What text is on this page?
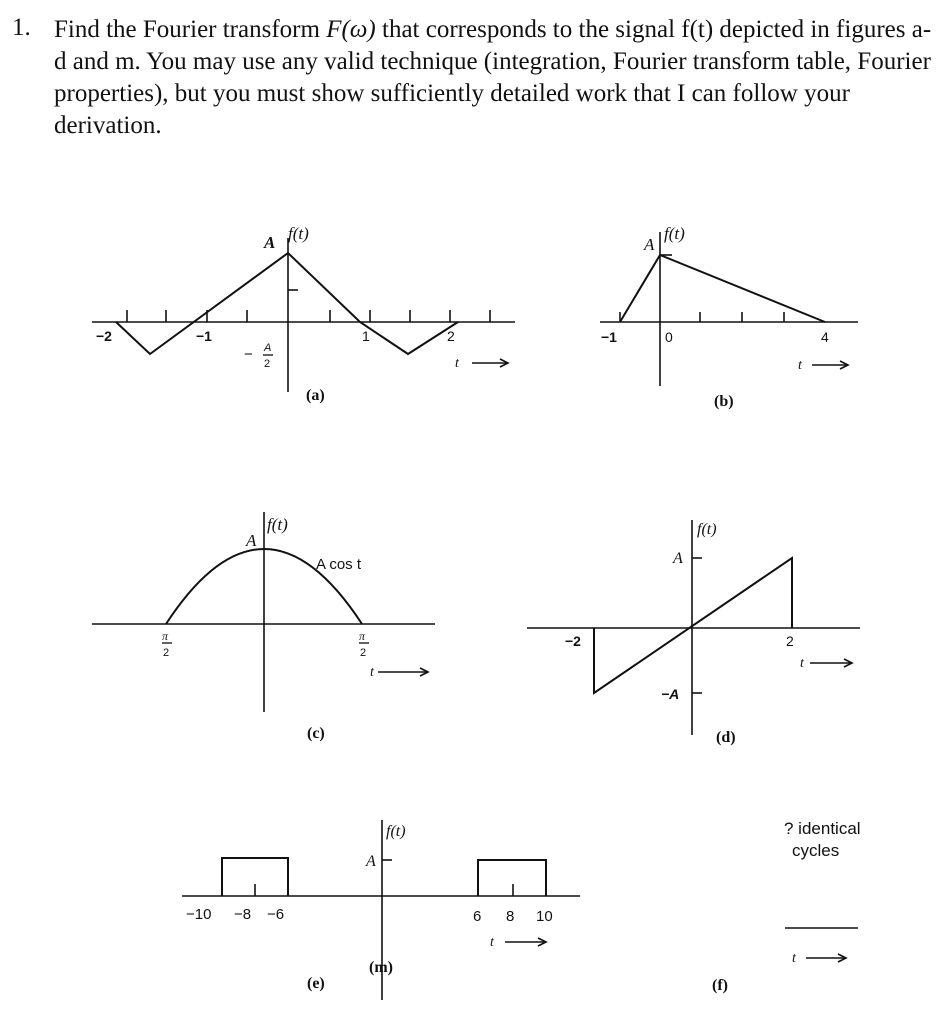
1. Find the Fourier transform F(ω) that corresponds to the signal f(t) depicted in figures a-d and m. You may use any valid technique (integration, Fourier transform table, Fourier properties), but you must show sufficiently detailed work that I can follow your derivation.
A f(t)
−2	−1	1	2
− A
2	t
(a)
A
f(t)
−1	0	4
t
(b)
A
f(t)
A cos t
π
2
π
2
t
(c)
f(t)
A
−2	2
−A
t
(d)
f(t)
A
−10 −8 −6	6 8 10
t
(m)
(e)
? identical
cycles
t
(f)
